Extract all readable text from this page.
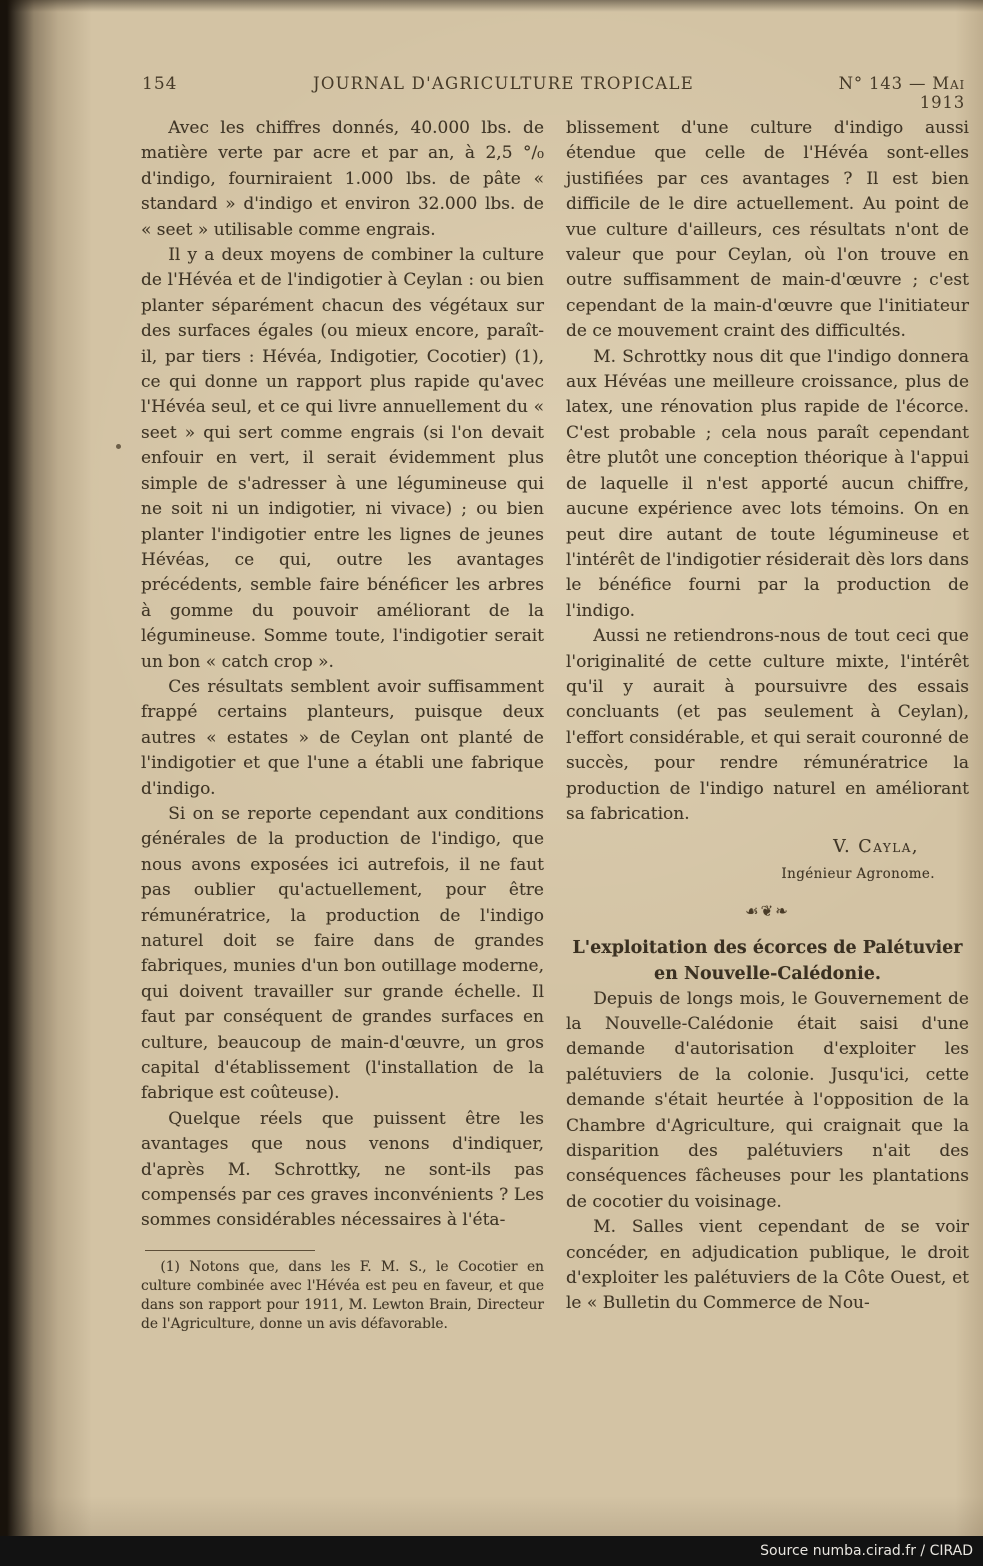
154	JOURNAL D'AGRICULTURE TROPICALE	N° 143 — Mai 1913

Avec les chiffres donnés, 40.000 lbs. de matière verte par acre et par an, à 2,5 °/₀ d'indigo, fourniraient 1.000 lbs. de pâte « standard » d'indigo et environ 32.000 lbs. de « seet » utilisable comme engrais.

Il y a deux moyens de combiner la culture de l'Hévéa et de l'indigotier à Ceylan : ou bien planter séparément chacun des végétaux sur des surfaces égales (ou mieux encore, paraît-il, par tiers : Hévéa, Indigotier, Cocotier) (1), ce qui donne un rapport plus rapide qu'avec l'Hévéa seul, et ce qui livre annuellement du « seet » qui sert comme engrais (si l'on devait enfouir en vert, il serait évidemment plus simple de s'adresser à une légumineuse qui ne soit ni un indigotier, ni vivace) ; ou bien planter l'indigotier entre les lignes de jeunes Hévéas, ce qui, outre les avantages précédents, semble faire bénéficer les arbres à gomme du pouvoir améliorant de la légumineuse. Somme toute, l'indigotier serait un bon « catch crop ».

Ces résultats semblent avoir suffisamment frappé certains planteurs, puisque deux autres « estates » de Ceylan ont planté de l'indigotier et que l'une a établi une fabrique d'indigo.

Si on se reporte cependant aux conditions générales de la production de l'indigo, que nous avons exposées ici autrefois, il ne faut pas oublier qu'actuellement, pour être rémunératrice, la production de l'indigo naturel doit se faire dans de grandes fabriques, munies d'un bon outillage moderne, qui doivent travailler sur grande échelle. Il faut par conséquent de grandes surfaces en culture, beaucoup de main-d'œuvre, un gros capital d'établissement (l'installation de la fabrique est coûteuse).

Quelque réels que puissent être les avantages que nous venons d'indiquer, d'après M. Schrottky, ne sont-ils pas compensés par ces graves inconvénients ? Les sommes considérables nécessaires à l'éta-

(1) Notons que, dans les F. M. S., le Cocotier en culture combinée avec l'Hévéa est peu en faveur, et que dans son rapport pour 1911, M. Lewton Brain, Directeur de l'Agriculture, donne un avis défavorable.

blissement d'une culture d'indigo aussi étendue que celle de l'Hévéa sont-elles justifiées par ces avantages ? Il est bien difficile de le dire actuellement. Au point de vue culture d'ailleurs, ces résultats n'ont de valeur que pour Ceylan, où l'on trouve en outre suffisamment de main-d'œuvre ; c'est cependant de la main-d'œuvre que l'initiateur de ce mouvement craint des difficultés.

M. Schrottky nous dit que l'indigo donnera aux Hévéas une meilleure croissance, plus de latex, une rénovation plus rapide de l'écorce. C'est probable ; cela nous paraît cependant être plutôt une conception théorique à l'appui de laquelle il n'est apporté aucun chiffre, aucune expérience avec lots témoins. On en peut dire autant de toute légumineuse et l'intérêt de l'indigotier résiderait dès lors dans le bénéfice fourni par la production de l'indigo.

Aussi ne retiendrons-nous de tout ceci que l'originalité de cette culture mixte, l'intérêt qu'il y aurait à poursuivre des essais concluants (et pas seulement à Ceylan), l'effort considérable, et qui serait couronné de succès, pour rendre rémunératrice la production de l'indigo naturel en améliorant sa fabrication.

V. Cayla,
Ingénieur Agronome.
☙❦❧

L'exploitation des écorces de Palétuvier en Nouvelle-Calédonie.

Depuis de longs mois, le Gouvernement de la Nouvelle-Calédonie était saisi d'une demande d'autorisation d'exploiter les palétuviers de la colonie. Jusqu'ici, cette demande s'était heurtée à l'opposition de la Chambre d'Agriculture, qui craignait que la disparition des palétuviers n'ait des conséquences fâcheuses pour les plantations de cocotier du voisinage.

M. Salles vient cependant de se voir concéder, en adjudication publique, le droit d'exploiter les palétuviers de la Côte Ouest, et le « Bulletin du Commerce de Nou-

Source numba.cirad.fr / CIRAD
